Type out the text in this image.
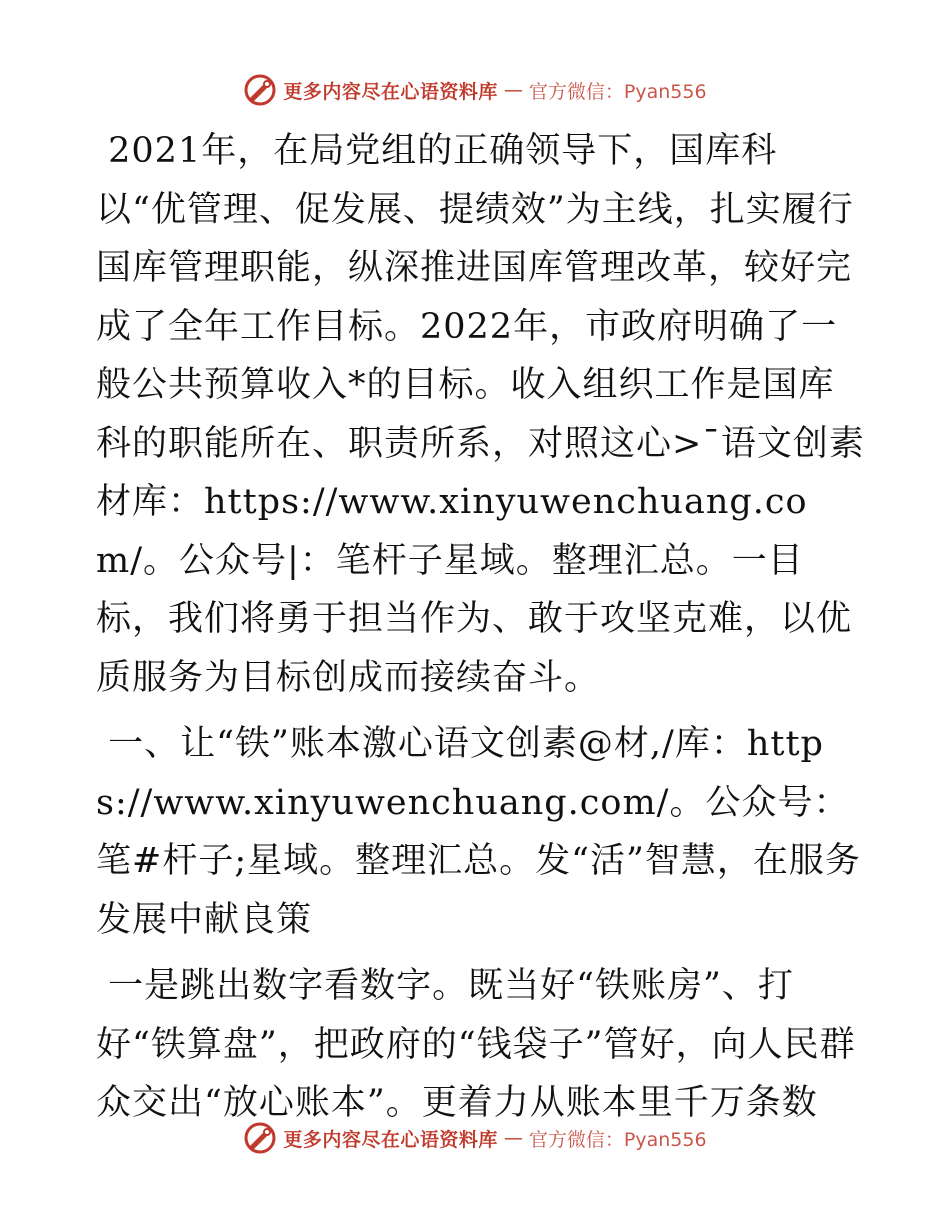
更多内容尽在心语资料库 — 官方微信：Pyan556

2021年，在局党组的正确领导下，国库科以“优管理、促发展、提绩效”为主线，扎实履行国库管理职能，纵深推进国库管理改革，较好完成了全年工作目标。2022年，市政府明确了一般公共预算收入*的目标。收入组织工作是国库科的职能所在、职责所系，对照这心>¯语文创素材库：https://www.xinyuwenchuang.com/。公众号|：笔杆子星域。整理汇总。一目标，我们将勇于担当作为、敢于攻坚克难，以优质服务为目标创成而接续奋斗。

一、让“铁”账本激心语文创素@材,/库：https://www.xinyuwenchuang.com/。公众号：笔#杆子;星域。整理汇总。发“活”智慧，在服务发展中献良策

一是跳出数字看数字。既当好“铁账房”、打好“铁算盘”，把政府的“钱袋子”管好，向人民群众交出“放心账本”。更着力从账本里千万条数

更多内容尽在心语资料库 — 官方微信：Pyan556
